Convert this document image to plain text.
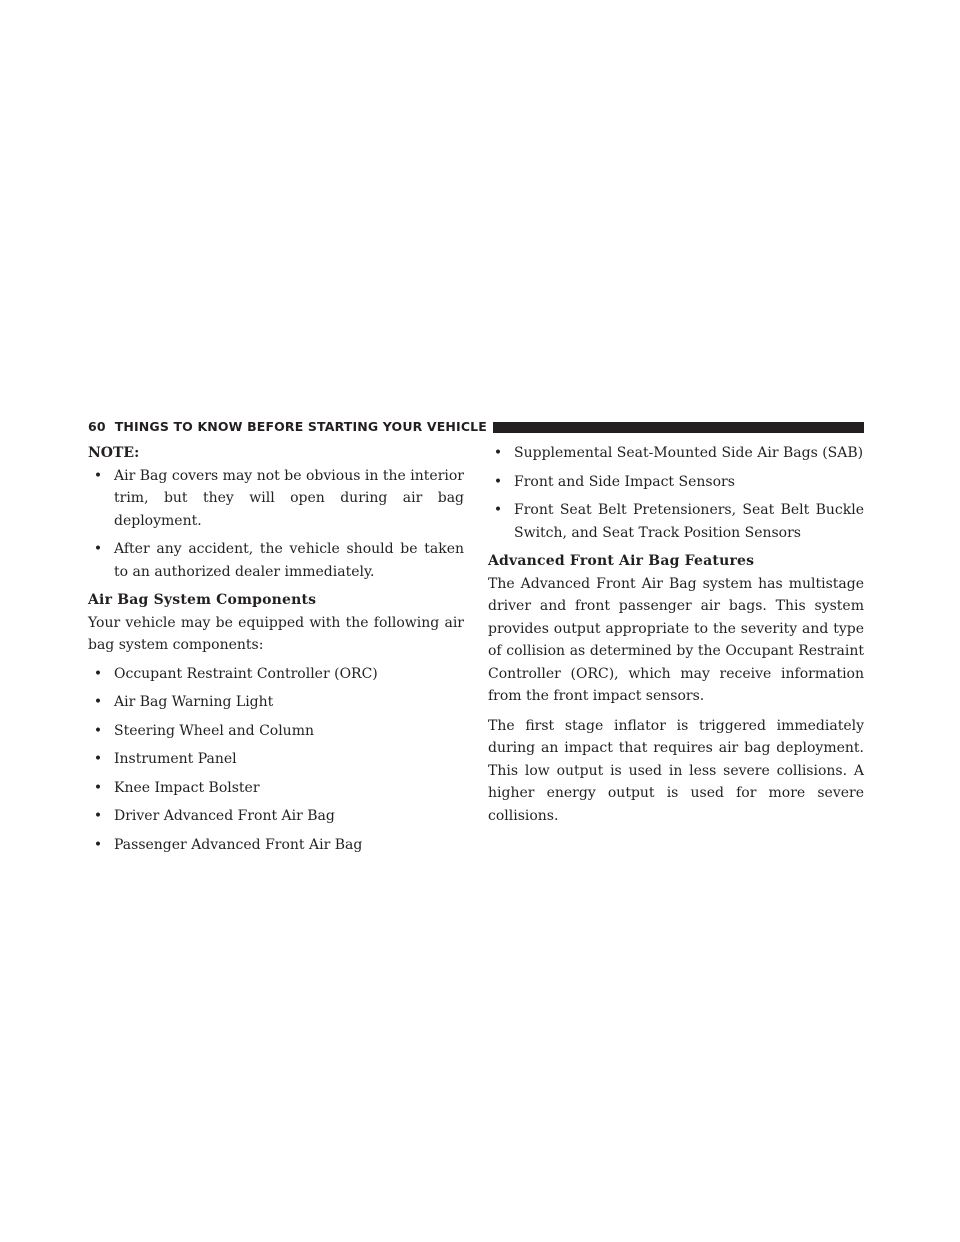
60
THINGS TO KNOW BEFORE STARTING YOUR VEHICLE
NOTE:
• Air Bag covers may not be obvious in the interior trim, but they will open during air bag deployment.
• After any accident, the vehicle should be taken to an authorized dealer immediately.
Air Bag System Components
Your vehicle may be equipped with the following air bag system components:
• Occupant Restraint Controller (ORC)
• Air Bag Warning Light
• Steering Wheel and Column
• Instrument Panel
• Knee Impact Bolster
• Driver Advanced Front Air Bag
• Passenger Advanced Front Air Bag
• Supplemental Seat-Mounted Side Air Bags (SAB)
• Front and Side Impact Sensors
• Front Seat Belt Pretensioners, Seat Belt Buckle Switch, and Seat Track Position Sensors
Advanced Front Air Bag Features
The Advanced Front Air Bag system has multistage driver and front passenger air bags. This system provides output appropriate to the severity and type of collision as determined by the Occupant Restraint Controller (ORC), which may receive information from the front impact sensors.
The first stage inflator is triggered immediately during an impact that requires air bag deployment. This low output is used in less severe collisions. A higher energy output is used for more severe collisions.
